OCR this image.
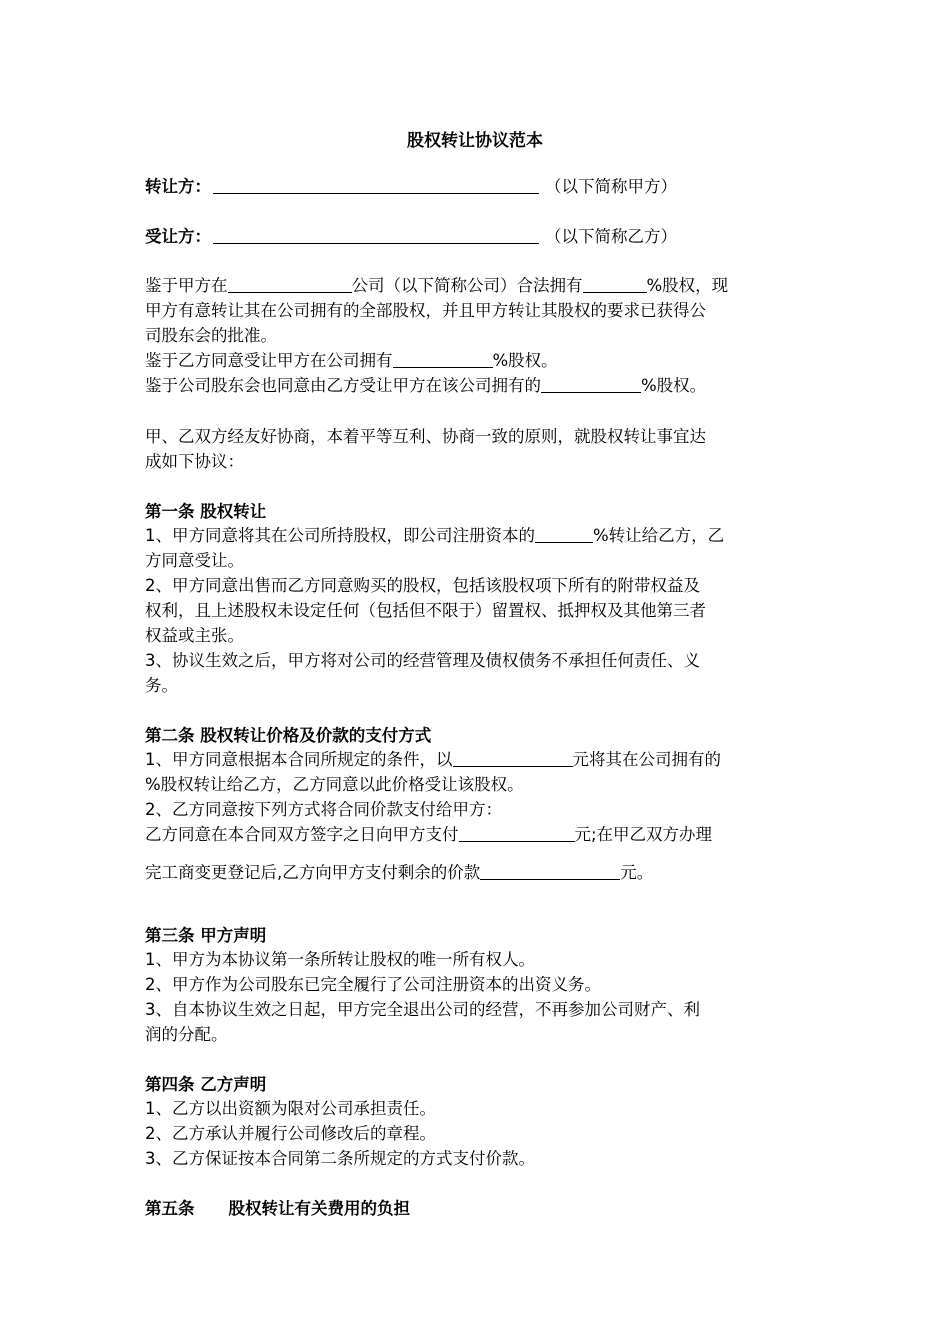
股权转让协议范本
转让方：	（以下简称甲方）
受让方：	（以下简称乙方）
鉴于甲方在	公司（以下简称公司）合法拥有	%股权，现
甲方有意转让其在公司拥有的全部股权，并且甲方转让其股权的要求已获得公
司股东会的批准。
鉴于乙方同意受让甲方在公司拥有	%股权。
鉴于公司股东会也同意由乙方受让甲方在该公司拥有的	%股权。
甲、乙双方经友好协商，本着平等互利、协商一致的原则，就股权转让事宜达
成如下协议：
第一条 股权转让
1、甲方同意将其在公司所持股权，即公司注册资本的	%转让给乙方，乙
方同意受让。
2、甲方同意出售而乙方同意购买的股权，包括该股权项下所有的附带权益及
权利，且上述股权未设定任何（包括但不限于）留置权、抵押权及其他第三者
权益或主张。
3、协议生效之后，甲方将对公司的经营管理及债权债务不承担任何责任、义
务。
第二条 股权转让价格及价款的支付方式
1、甲方同意根据本合同所规定的条件，以	元将其在公司拥有的
%股权转让给乙方，乙方同意以此价格受让该股权。
2、乙方同意按下列方式将合同价款支付给甲方：
乙方同意在本合同双方签字之日向甲方支付	元;在甲乙双方办理
完工商变更登记后,乙方向甲方支付剩余的价款	元。
第三条 甲方声明
1、甲方为本协议第一条所转让股权的唯一所有权人。
2、甲方作为公司股东已完全履行了公司注册资本的出资义务。
3、自本协议生效之日起，甲方完全退出公司的经营，不再参加公司财产、利
润的分配。
第四条 乙方声明
1、乙方以出资额为限对公司承担责任。
2、乙方承认并履行公司修改后的章程。
3、乙方保证按本合同第二条所规定的方式支付价款。
第五条 股权转让有关费用的负担
